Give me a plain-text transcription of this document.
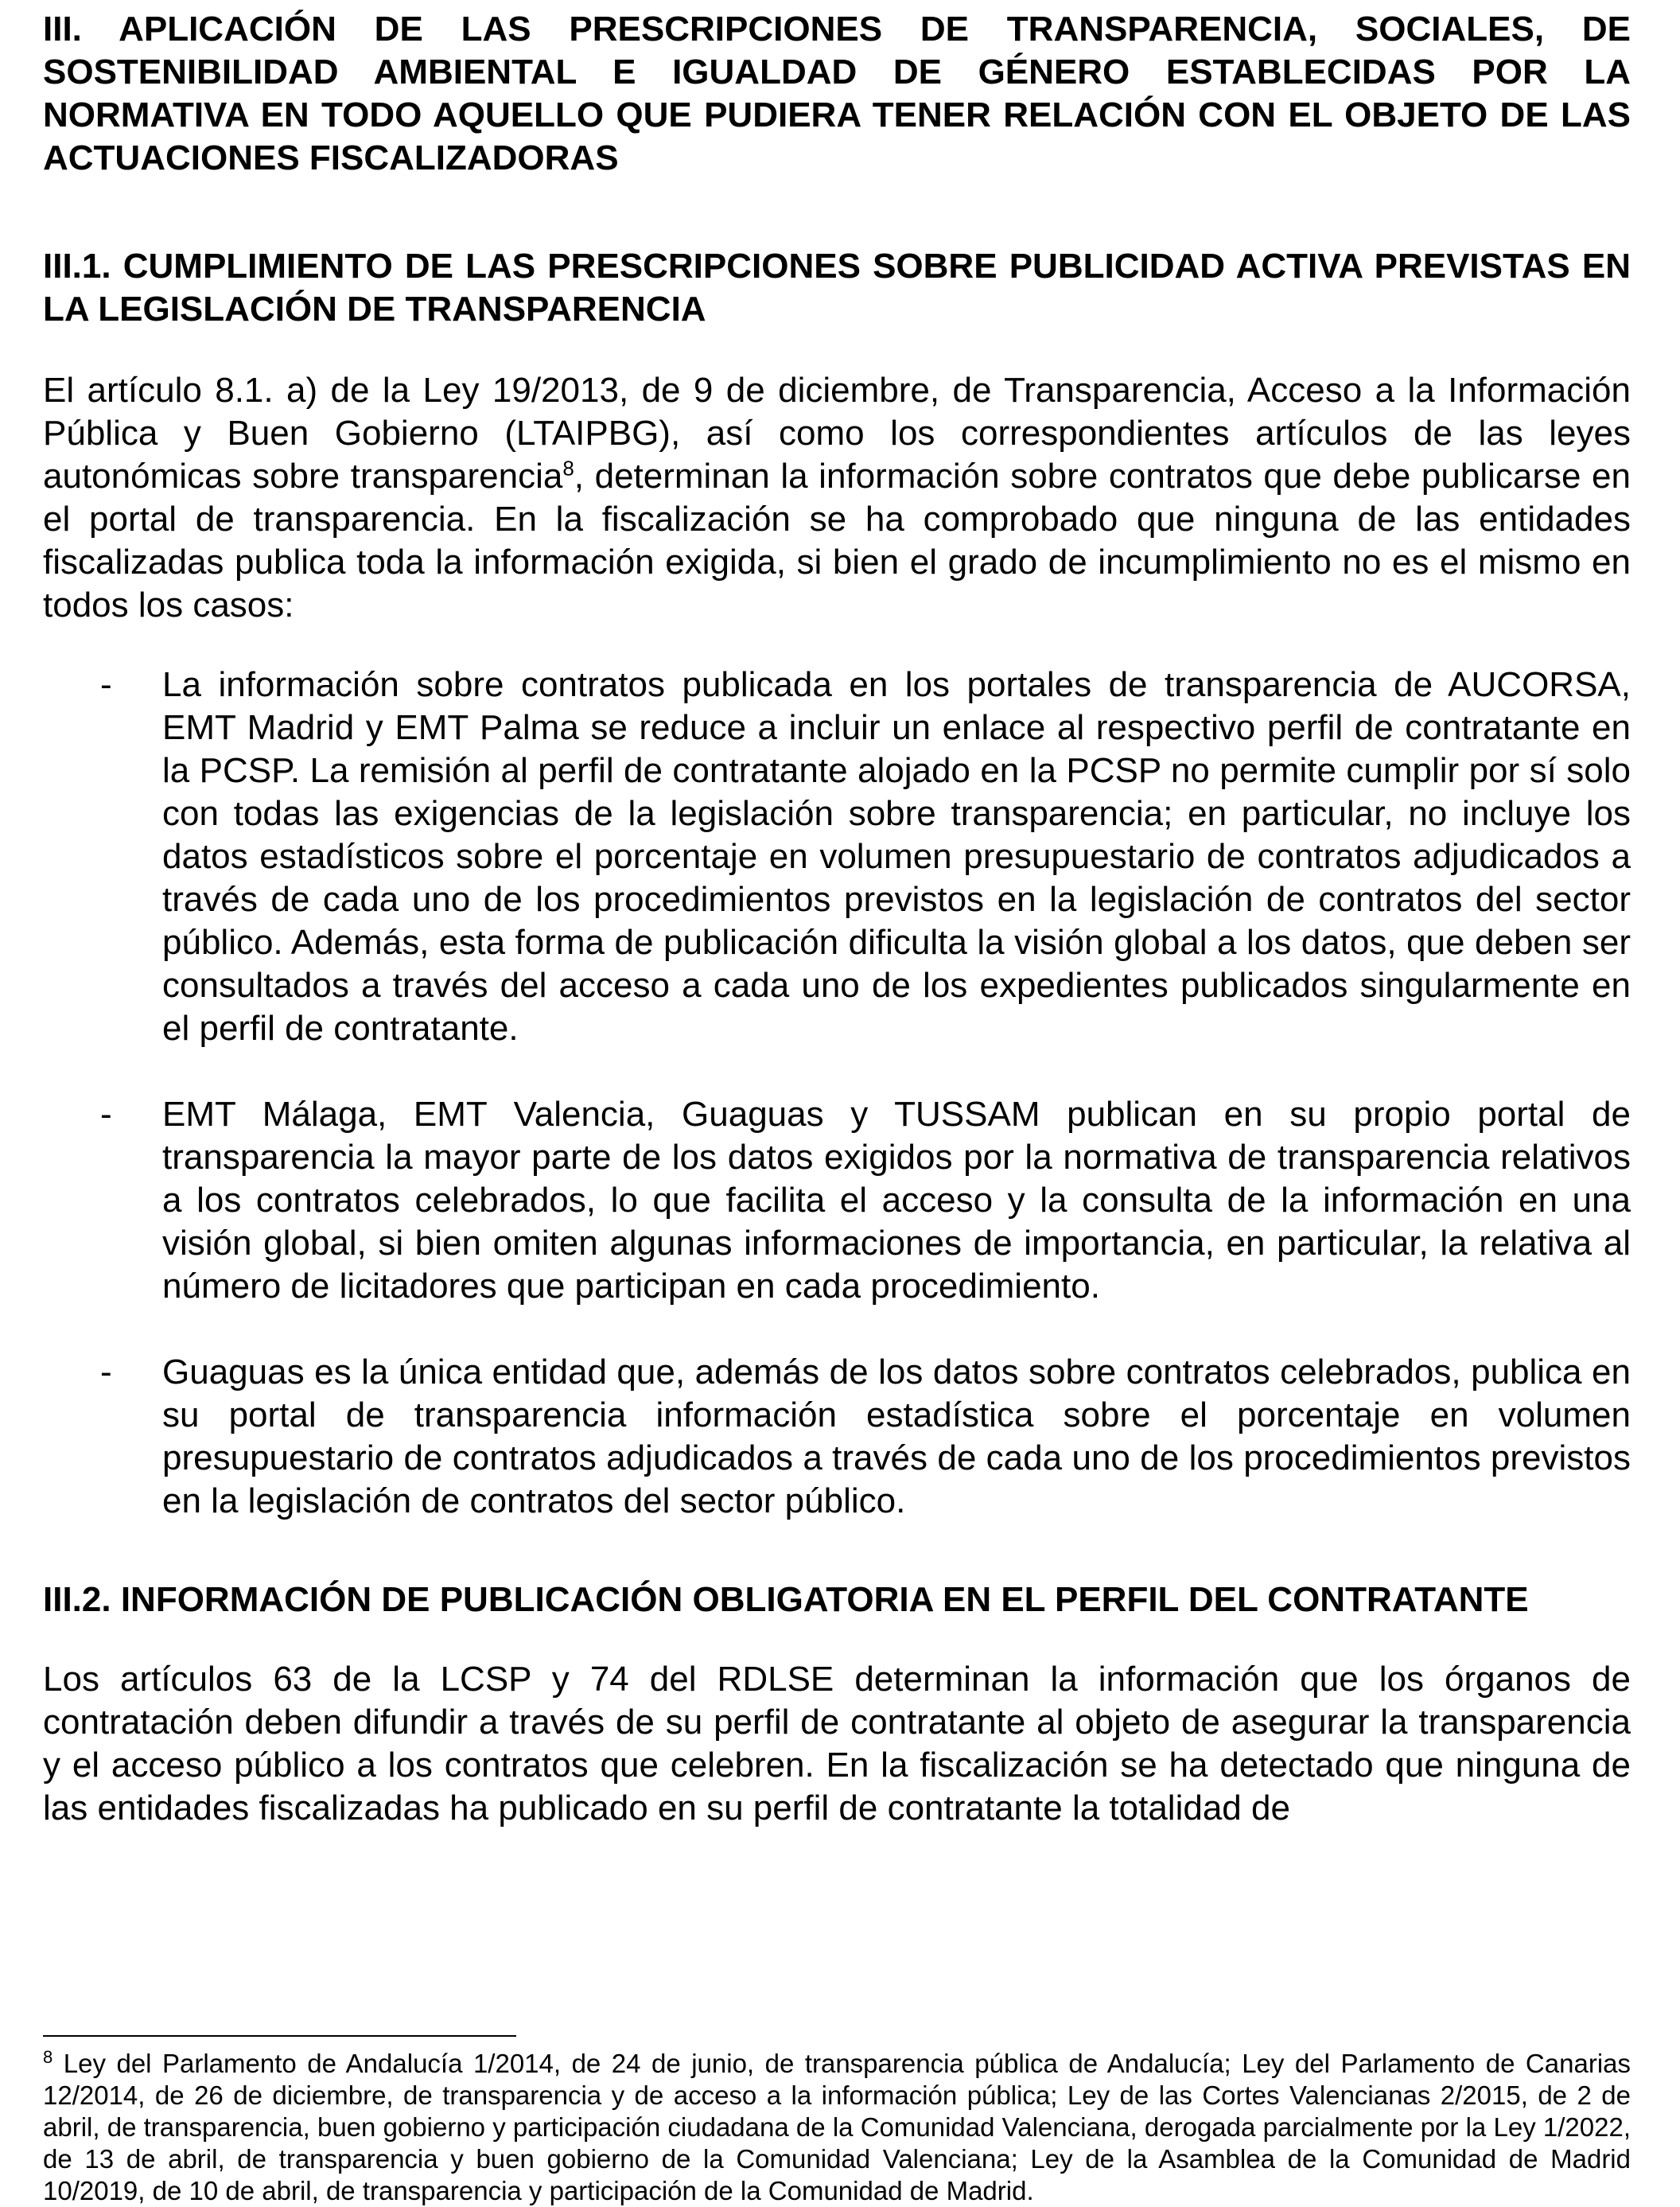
III. APLICACIÓN DE LAS PRESCRIPCIONES DE TRANSPARENCIA, SOCIALES, DE SOSTENIBILIDAD AMBIENTAL E IGUALDAD DE GÉNERO ESTABLECIDAS POR LA NORMATIVA EN TODO AQUELLO QUE PUDIERA TENER RELACIÓN CON EL OBJETO DE LAS ACTUACIONES FISCALIZADORAS

III.1. CUMPLIMIENTO DE LAS PRESCRIPCIONES SOBRE PUBLICIDAD ACTIVA PREVISTAS EN LA LEGISLACIÓN DE TRANSPARENCIA

El artículo 8.1. a) de la Ley 19/2013, de 9 de diciembre, de Transparencia, Acceso a la Información Pública y Buen Gobierno (LTAIPBG), así como los correspondientes artículos de las leyes autonómicas sobre transparencia$^8$, determinan la información sobre contratos que debe publicarse en el portal de transparencia. En la fiscalización se ha comprobado que ninguna de las entidades fiscalizadas publica toda la información exigida, si bien el grado de incumplimiento no es el mismo en todos los casos:

- La información sobre contratos publicada en los portales de transparencia de AUCORSA, EMT Madrid y EMT Palma se reduce a incluir un enlace al respectivo perfil de contratante en la PCSP. La remisión al perfil de contratante alojado en la PCSP no permite cumplir por sí solo con todas las exigencias de la legislación sobre transparencia; en particular, no incluye los datos estadísticos sobre el porcentaje en volumen presupuestario de contratos adjudicados a través de cada uno de los procedimientos previstos en la legislación de contratos del sector público. Además, esta forma de publicación dificulta la visión global a los datos, que deben ser consultados a través del acceso a cada uno de los expedientes publicados singularmente en el perfil de contratante.
- EMT Málaga, EMT Valencia, Guaguas y TUSSAM publican en su propio portal de transparencia la mayor parte de los datos exigidos por la normativa de transparencia relativos a los contratos celebrados, lo que facilita el acceso y la consulta de la información en una visión global, si bien omiten algunas informaciones de importancia, en particular, la relativa al número de licitadores que participan en cada procedimiento.
- Guaguas es la única entidad que, además de los datos sobre contratos celebrados, publica en su portal de transparencia información estadística sobre el porcentaje en volumen presupuestario de contratos adjudicados a través de cada uno de los procedimientos previstos en la legislación de contratos del sector público.

III.2. INFORMACIÓN DE PUBLICACIÓN OBLIGATORIA EN EL PERFIL DEL CONTRATANTE

Los artículos 63 de la LCSP y 74 del RDLSE determinan la información que los órganos de contratación deben difundir a través de su perfil de contratante al objeto de asegurar la transparencia y el acceso público a los contratos que celebren. En la fiscalización se ha detectado que ninguna de las entidades fiscalizadas ha publicado en su perfil de contratante la totalidad de

$^8$ Ley del Parlamento de Andalucía 1/2014, de 24 de junio, de transparencia pública de Andalucía; Ley del Parlamento de Canarias 12/2014, de 26 de diciembre, de transparencia y de acceso a la información pública; Ley de las Cortes Valencianas 2/2015, de 2 de abril, de transparencia, buen gobierno y participación ciudadana de la Comunidad Valenciana, derogada parcialmente por la Ley 1/2022, de 13 de abril, de transparencia y buen gobierno de la Comunidad Valenciana; Ley de la Asamblea de la Comunidad de Madrid 10/2019, de 10 de abril, de transparencia y participación de la Comunidad de Madrid.
